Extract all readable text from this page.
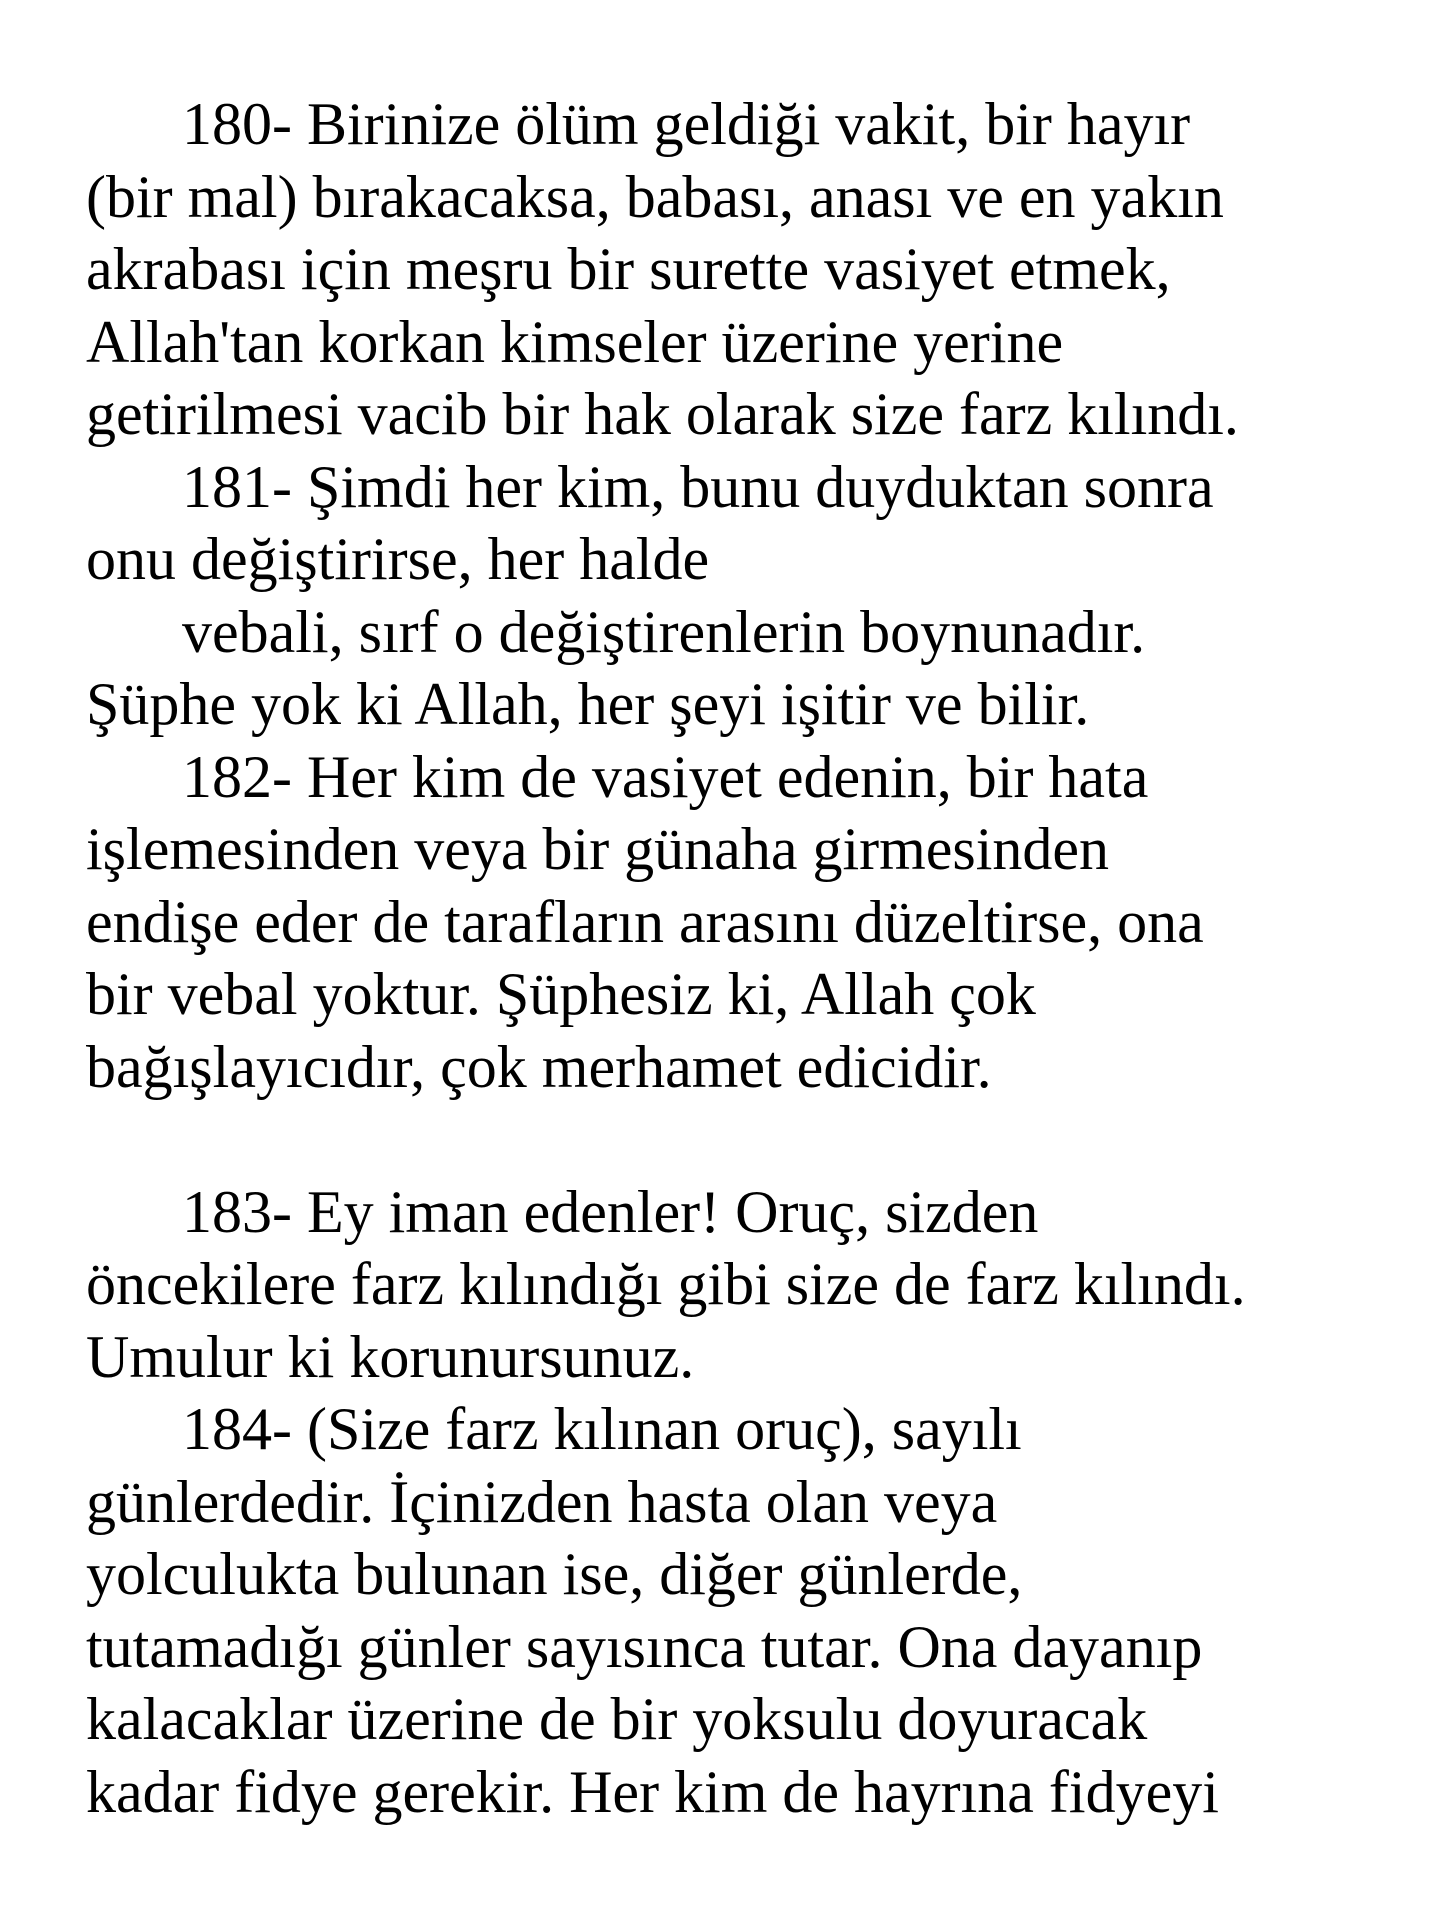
180- Birinize ölüm geldiği vakit, bir hayır
(bir mal) bırakacaksa, babası, anası ve en yakın
akrabası için meşru bir surette vasiyet etmek,
Allah'tan korkan kimseler üzerine yerine
getirilmesi vacib bir hak olarak size farz kılındı.
181- Şimdi her kim, bunu duyduktan sonra
onu değiştirirse, her halde
vebali, sırf o değiştirenlerin boynunadır.
Şüphe yok ki Allah, her şeyi işitir ve bilir.
182- Her kim de vasiyet edenin, bir hata
işlemesinden veya bir günaha girmesinden
endişe eder de tarafların arasını düzeltirse, ona
bir vebal yoktur. Şüphesiz ki, Allah çok
bağışlayıcıdır, çok merhamet edicidir.
183- Ey iman edenler! Oruç, sizden
öncekilere farz kılındığı gibi size de farz kılındı.
Umulur ki korunursunuz.
184- (Size farz kılınan oruç), sayılı
günlerdedir. İçinizden hasta olan veya
yolculukta bulunan ise, diğer günlerde,
tutamadığı günler sayısınca tutar. Ona dayanıp
kalacaklar üzerine de bir yoksulu doyuracak
kadar fidye gerekir. Her kim de hayrına fidyeyi
